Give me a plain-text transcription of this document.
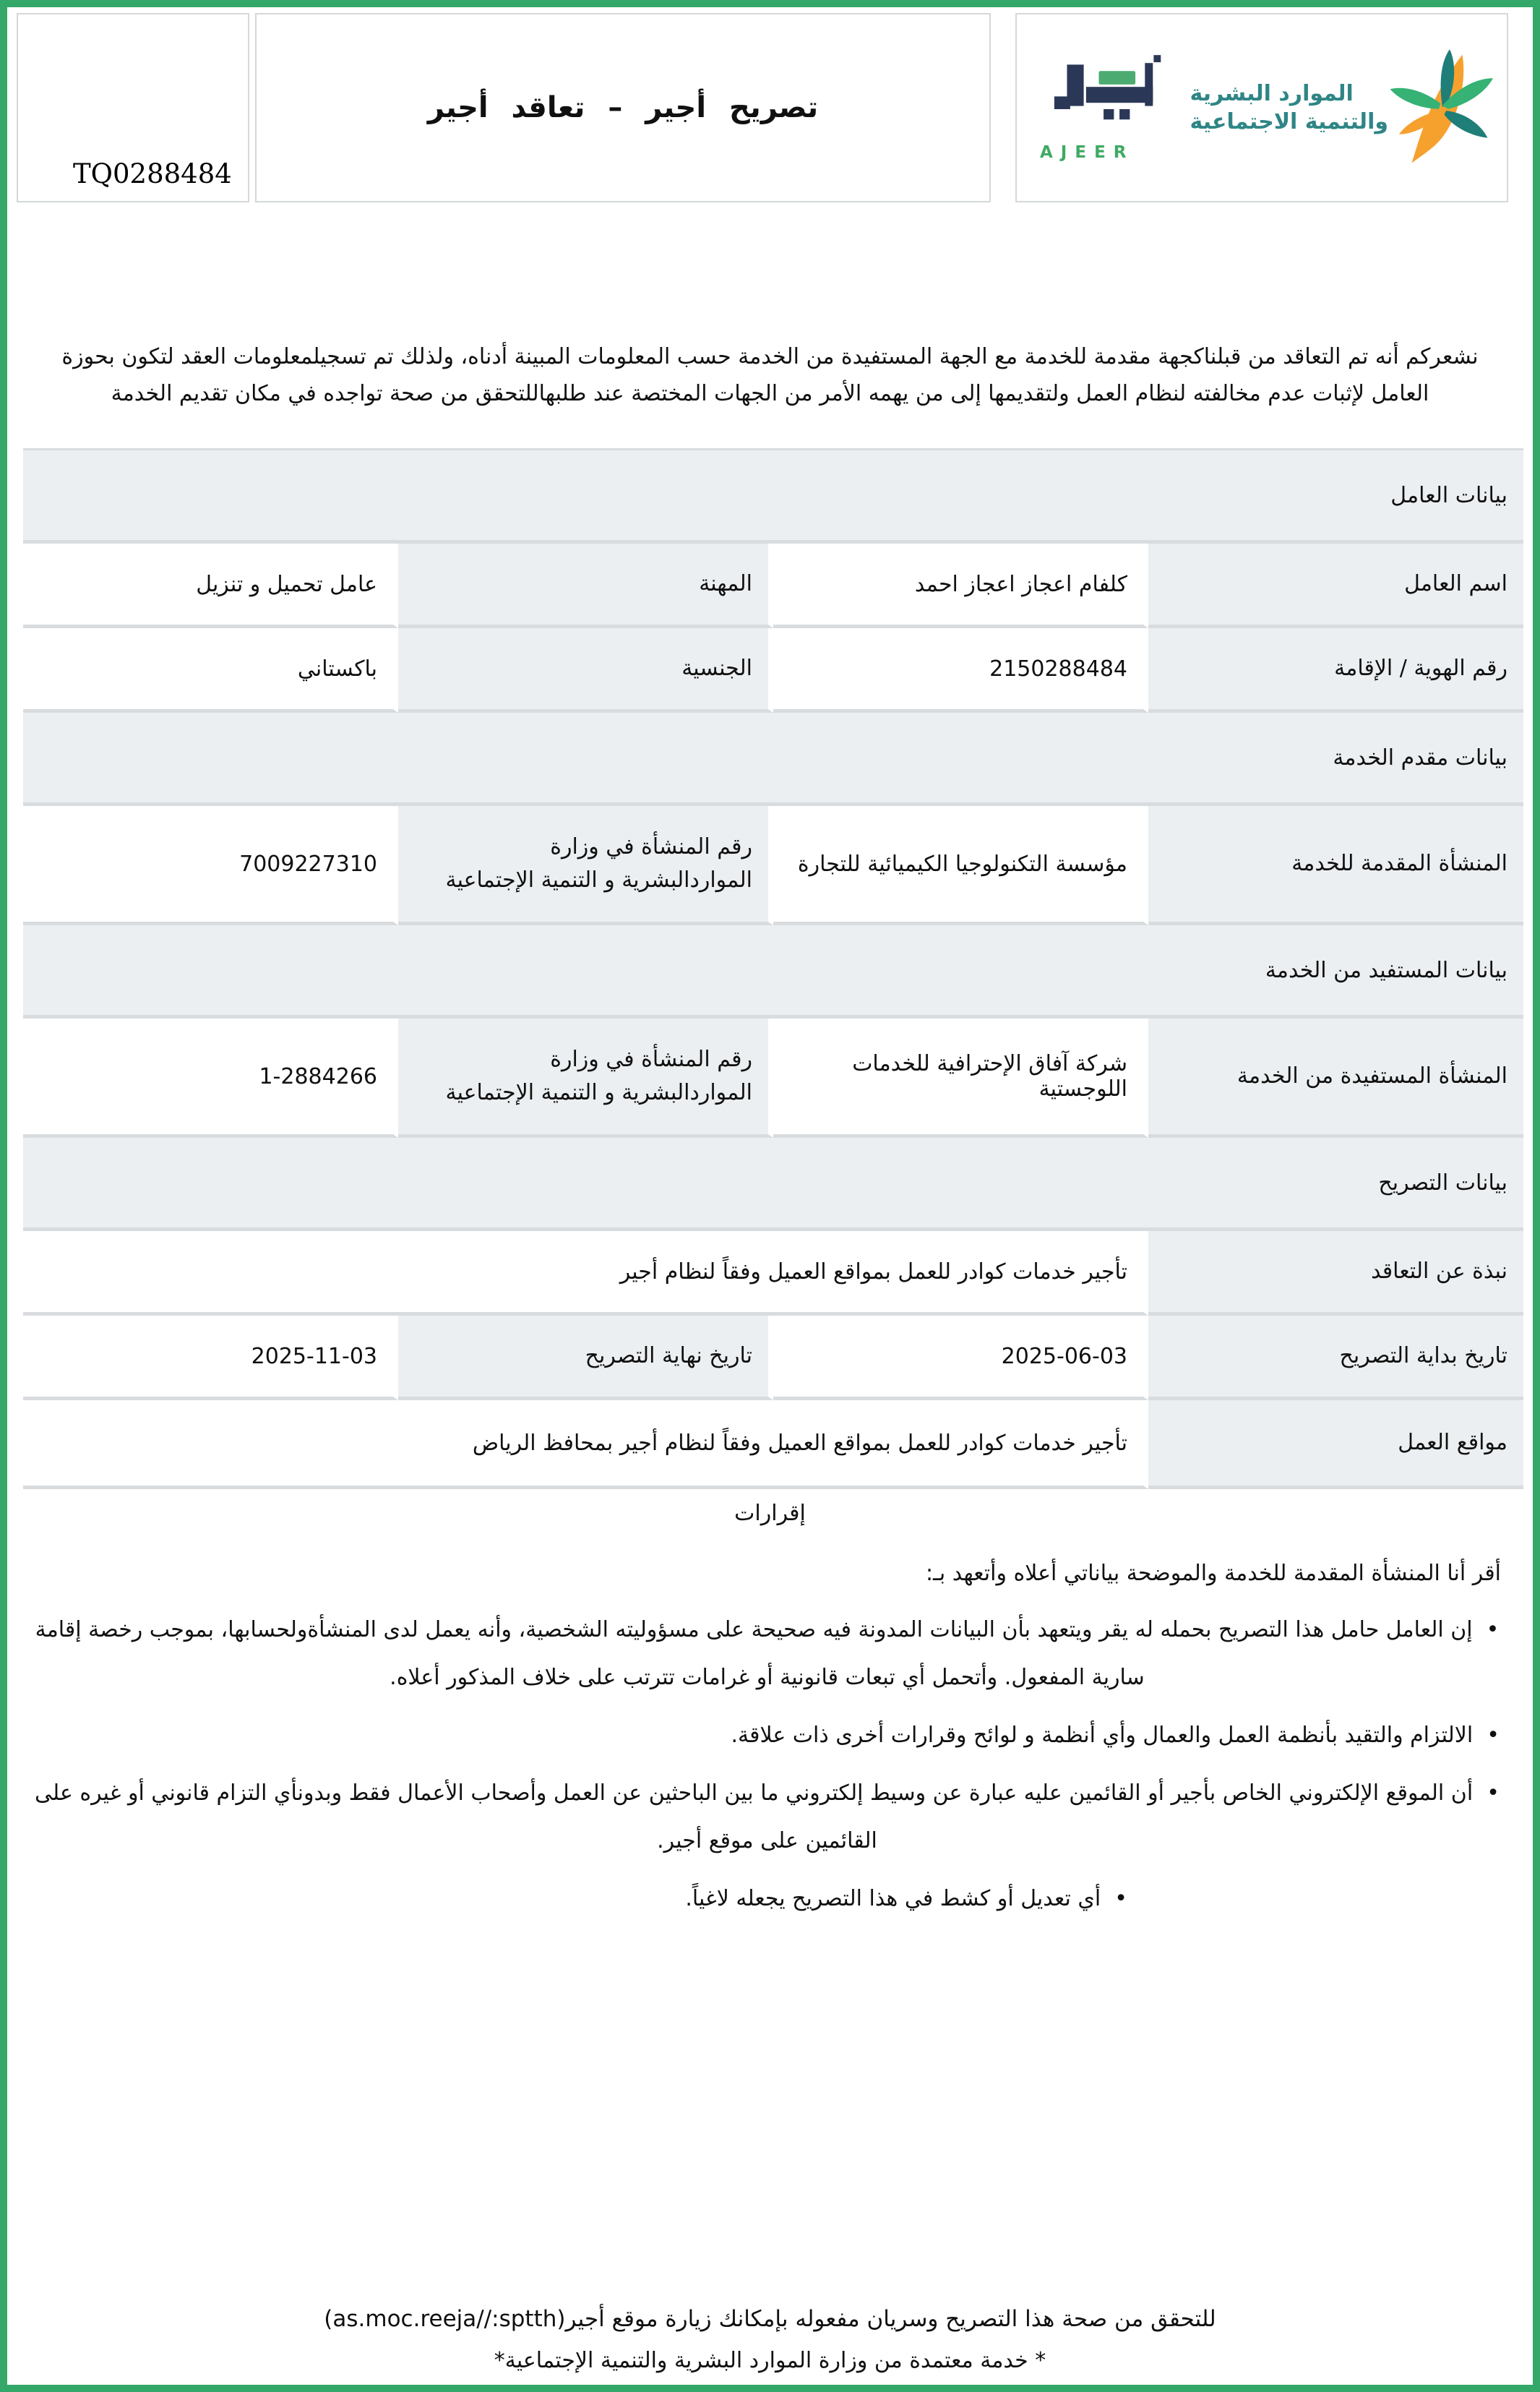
TQ0288484
تصريح أجير – تعاقد أجير
AJEER
الموارد البشرية
والتنمية الاجتماعية

نشعركم أنه تم التعاقد من قبلناكجهة مقدمة للخدمة مع الجهة المستفيدة من الخدمة حسب المعلومات المبينة أدناه، ولذلك تم تسجيلمعلومات العقد لتكون بحوزة العامل لإثبات عدم مخالفته لنظام العمل ولتقديمها إلى من يهمه الأمر من الجهات المختصة عند طلبهاللتحقق من صحة تواجده في مكان تقديم الخدمة

بيانات العامل			
اسم العامل	كلفام اعجاز اعجاز احمد	المهنة	عامل تحميل و تنزيل
رقم الهوية / الإقامة	2150288484	الجنسية	باكستاني
بيانات مقدم الخدمة			
المنشأة المقدمة للخدمة	مؤسسة التكنولوجيا الكيميائية للتجارة	رقم المنشأة في وزارة المواردالبشرية و التنمية الإجتماعية	7009227310
بيانات المستفيد من الخدمة			
المنشأة المستفيدة من الخدمة	شركة آفاق الإحترافية للخدمات اللوجستية	رقم المنشأة في وزارة المواردالبشرية و التنمية الإجتماعية	1-2884266
بيانات التصريح			
نبذة عن التعاقد	تأجير خدمات كوادر للعمل بمواقع العميل وفقاً لنظام أجير		
تاريخ بداية التصريح	2025-06-03	تاريخ نهاية التصريح	2025-11-03
مواقع العمل	تأجير خدمات كوادر للعمل بمواقع العميل وفقاً لنظام أجير بمحافظ الرياض		
إقرارات

أقر أنا المنشأة المقدمة للخدمة والموضحة بياناتي أعلاه وأتعهد بـ:

•  إن العامل حامل هذا التصريح بحمله له يقر ويتعهد بأن البيانات المدونة فيه صحيحة على مسؤوليته الشخصية، وأنه يعمل لدى المنشأةولحسابها، بموجب رخصة إقامة سارية المفعول. وأتحمل أي تبعات قانونية أو غرامات تترتب على خلاف المذكور أعلاه.
•  الالتزام والتقيد بأنظمة العمل والعمال وأي أنظمة و لوائح وقرارات أخرى ذات علاقة.
•  أن الموقع الإلكتروني الخاص بأجير أو القائمين عليه عبارة عن وسيط إلكتروني ما بين الباحثين عن العمل وأصحاب الأعمال فقط وبدونأي التزام قانوني أو غيره على القائمين على موقع أجير.
•  أي تعديل أو كشط في هذا التصريح يجعله لاغياً.
للتحقق من صحة هذا التصريح وسريان مفعوله بإمكانك زيارة موقع أجير(as.moc.reeja//:sptth)
* خدمة معتمدة من وزارة الموارد البشرية والتنمية الإجتماعية*
